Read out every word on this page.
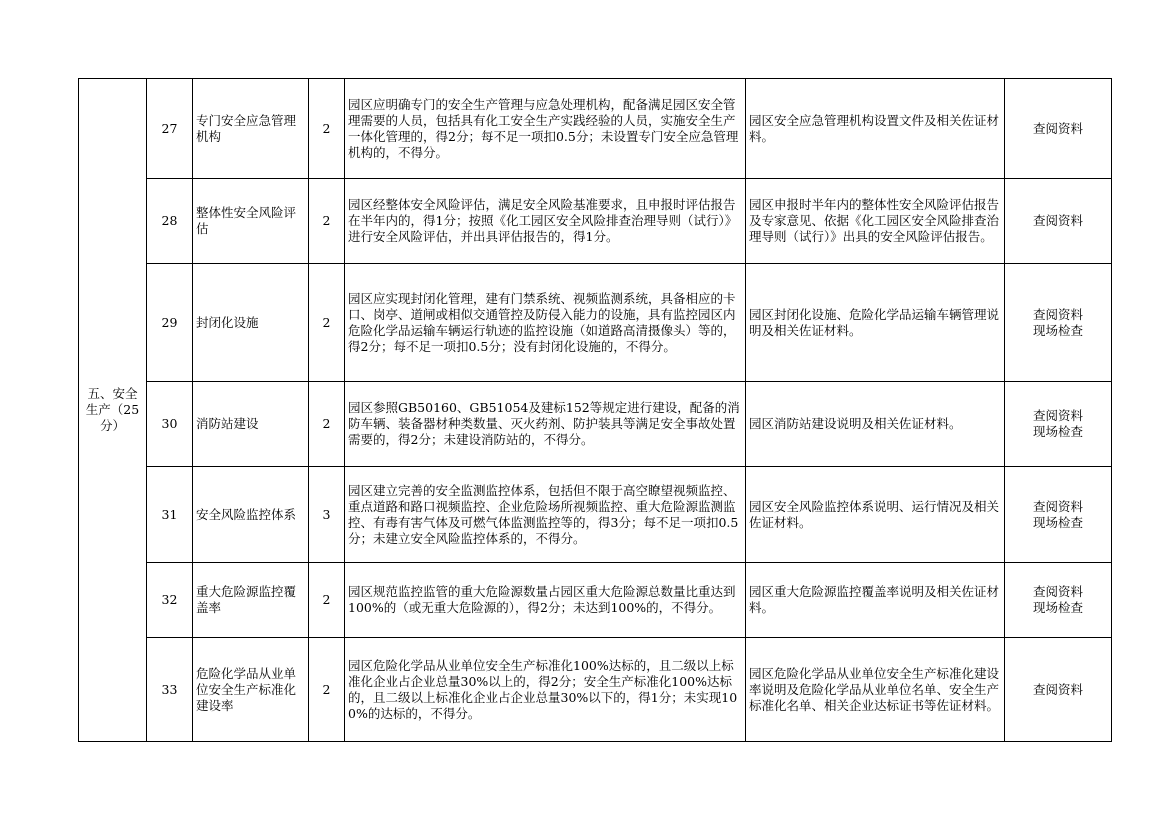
五、安全生产（25分）	27	专门安全应急管理机构	2	园区应明确专门的安全生产管理与应急处理机构，配备满足园区安全管理需要的人员，包括具有化工安全生产实践经验的人员，实施安全生产一体化管理的，得2分；每不足一项扣0.5分；未设置专门安全应急管理机构的，不得分。	园区安全应急管理机构设置文件及相关佐证材料。	查阅资料

	28	整体性安全风险评估	2	园区经整体安全风险评估，满足安全风险基准要求，且申报时评估报告在半年内的，得1分；按照《化工园区安全风险排查治理导则（试行）》进行安全风险评估，并出具评估报告的，得1分。	园区申报时半年内的整体性安全风险评估报告及专家意见、依据《化工园区安全风险排查治理导则（试行）》出具的安全风险评估报告。	查阅资料

	29	封闭化设施	2	园区应实现封闭化管理，建有门禁系统、视频监测系统，具备相应的卡口、岗亭、道闸或相似交通管控及防侵入能力的设施，具有监控园区内危险化学品运输车辆运行轨迹的监控设施（如道路高清摄像头）等的，得2分；每不足一项扣0.5分；没有封闭化设施的，不得分。	园区封闭化设施、危险化学品运输车辆管理说明及相关佐证材料。	查阅资料
现场检查

	30	消防站建设	2	园区参照GB50160、GB51054及建标152等规定进行建设，配备的消防车辆、装备器材种类数量、灭火药剂、防护装具等满足安全事故处置需要的，得2分；未建设消防站的，不得分。	园区消防站建设说明及相关佐证材料。	查阅资料
现场检查

	31	安全风险监控体系	3	园区建立完善的安全监测监控体系，包括但不限于高空瞭望视频监控、重点道路和路口视频监控、企业危险场所视频监控、重大危险源监测监控、有毒有害气体及可燃气体监测监控等的，得3分；每不足一项扣0.5分；未建立安全风险监控体系的，不得分。	园区安全风险监控体系说明、运行情况及相关佐证材料。	查阅资料
现场检查

	32	重大危险源监控覆盖率	2	园区规范监控监管的重大危险源数量占园区重大危险源总数量比重达到100%的（或无重大危险源的），得2分；未达到100%的，不得分。	园区重大危险源监控覆盖率说明及相关佐证材料。	查阅资料
现场检查

	33	危险化学品从业单位安全生产标准化建设率	2	园区危险化学品从业单位安全生产标准化100%达标的，且二级以上标准化企业占企业总量30%以上的，得2分；安全生产标准化100%达标的，且二级以上标准化企业占企业总量30%以下的，得1分；未实现100%的达标的，不得分。	园区危险化学品从业单位安全生产标准化建设率说明及危险化学品从业单位名单、安全生产标准化名单、相关企业达标证书等佐证材料。	查阅资料
